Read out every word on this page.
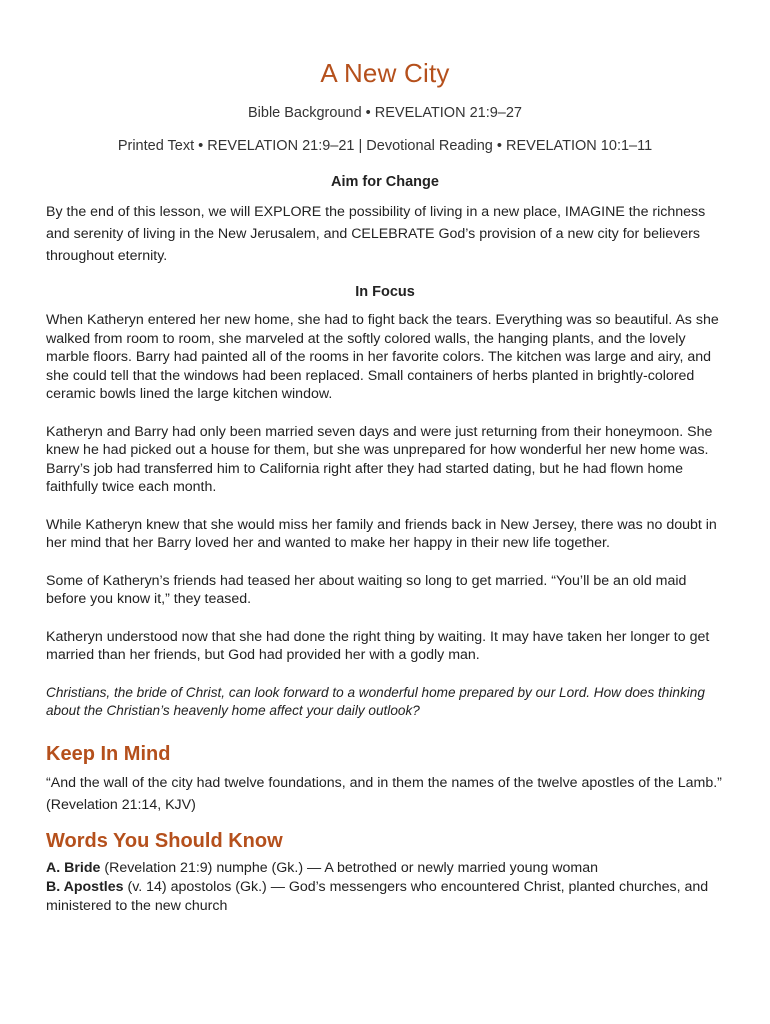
A New City
Bible Background • REVELATION 21:9–27
Printed Text • REVELATION 21:9–21 | Devotional Reading • REVELATION 10:1–11
Aim for Change

By the end of this lesson, we will EXPLORE the possibility of living in a new place, IMAGINE the richness and serenity of living in the New Jerusalem, and CELEBRATE God’s provision of a new city for believers throughout eternity.

In Focus

When Katheryn entered her new home, she had to fight back the tears. Everything was so beautiful. As she walked from room to room, she marveled at the softly colored walls, the hanging plants, and the lovely marble floors. Barry had painted all of the rooms in her favorite colors. The kitchen was large and airy, and she could tell that the windows had been replaced. Small containers of herbs planted in brightly-colored ceramic bowls lined the large kitchen window.

Katheryn and Barry had only been married seven days and were just returning from their honeymoon. She knew he had picked out a house for them, but she was unprepared for how wonderful her new home was. Barry’s job had transferred him to California right after they had started dating, but he had flown home faithfully twice each month.

While Katheryn knew that she would miss her family and friends back in New Jersey, there was no doubt in her mind that her Barry loved her and wanted to make her happy in their new life together.

Some of Katheryn’s friends had teased her about waiting so long to get married. “You’ll be an old maid before you know it,” they teased.

Katheryn understood now that she had done the right thing by waiting. It may have taken her longer to get married than her friends, but God had provided her with a godly man.

Christians, the bride of Christ, can look forward to a wonderful home prepared by our Lord. How does thinking about the Christian’s heavenly home affect your daily outlook?

Keep In Mind
“And the wall of the city had twelve foundations, and in them the names of the twelve apostles of the Lamb.” (Revelation 21:14, KJV)
Words You Should Know

A. Bride (Revelation 21:9) numphe (Gk.) — A betrothed or newly married young woman

B. Apostles (v. 14) apostolos (Gk.) — God’s messengers who encountered Christ, planted churches, and ministered to the new church
